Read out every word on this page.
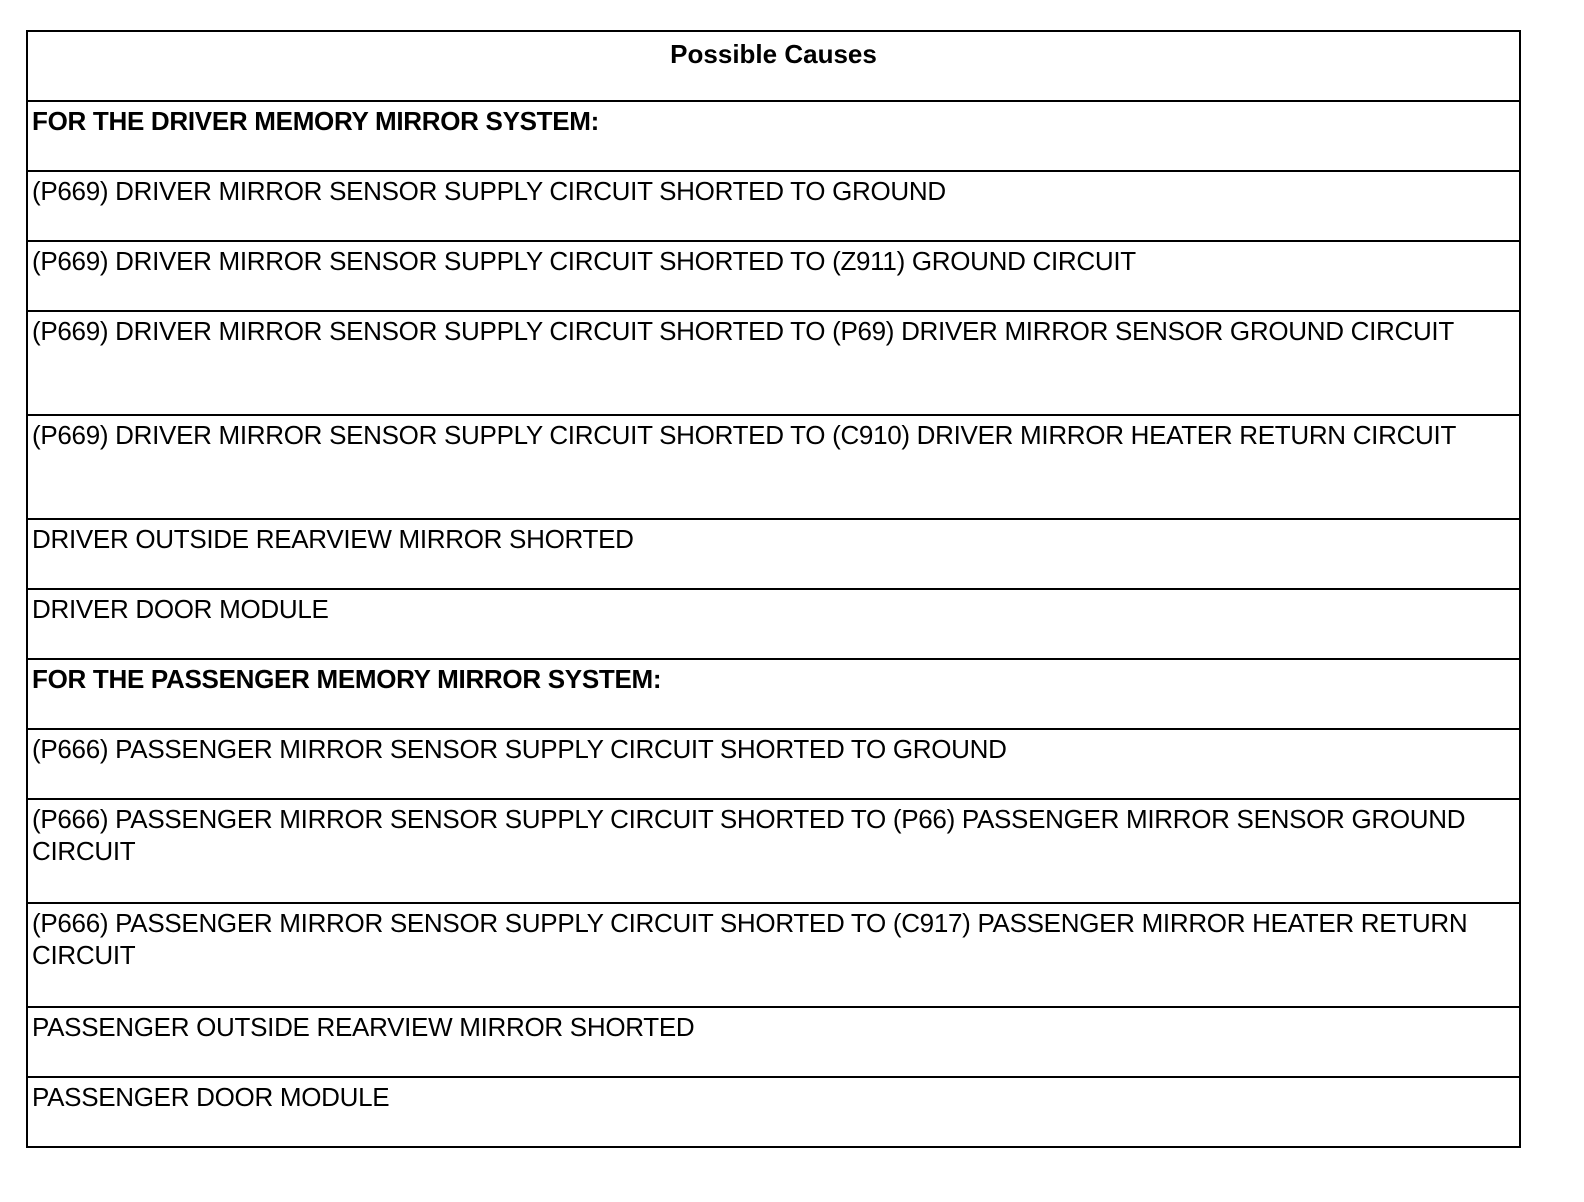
Possible Causes
FOR THE DRIVER MEMORY MIRROR SYSTEM:
(P669) DRIVER MIRROR SENSOR SUPPLY CIRCUIT SHORTED TO GROUND
(P669) DRIVER MIRROR SENSOR SUPPLY CIRCUIT SHORTED TO (Z911) GROUND CIRCUIT
(P669) DRIVER MIRROR SENSOR SUPPLY CIRCUIT SHORTED TO (P69) DRIVER MIRROR SENSOR GROUND CIRCUIT
(P669) DRIVER MIRROR SENSOR SUPPLY CIRCUIT SHORTED TO (C910) DRIVER MIRROR HEATER RETURN CIRCUIT
DRIVER OUTSIDE REARVIEW MIRROR SHORTED
DRIVER DOOR MODULE
FOR THE PASSENGER MEMORY MIRROR SYSTEM:
(P666) PASSENGER MIRROR SENSOR SUPPLY CIRCUIT SHORTED TO GROUND
(P666) PASSENGER MIRROR SENSOR SUPPLY CIRCUIT SHORTED TO (P66) PASSENGER MIRROR SENSOR GROUND CIRCUIT
(P666) PASSENGER MIRROR SENSOR SUPPLY CIRCUIT SHORTED TO (C917) PASSENGER MIRROR HEATER RETURN CIRCUIT
PASSENGER OUTSIDE REARVIEW MIRROR SHORTED
PASSENGER DOOR MODULE
